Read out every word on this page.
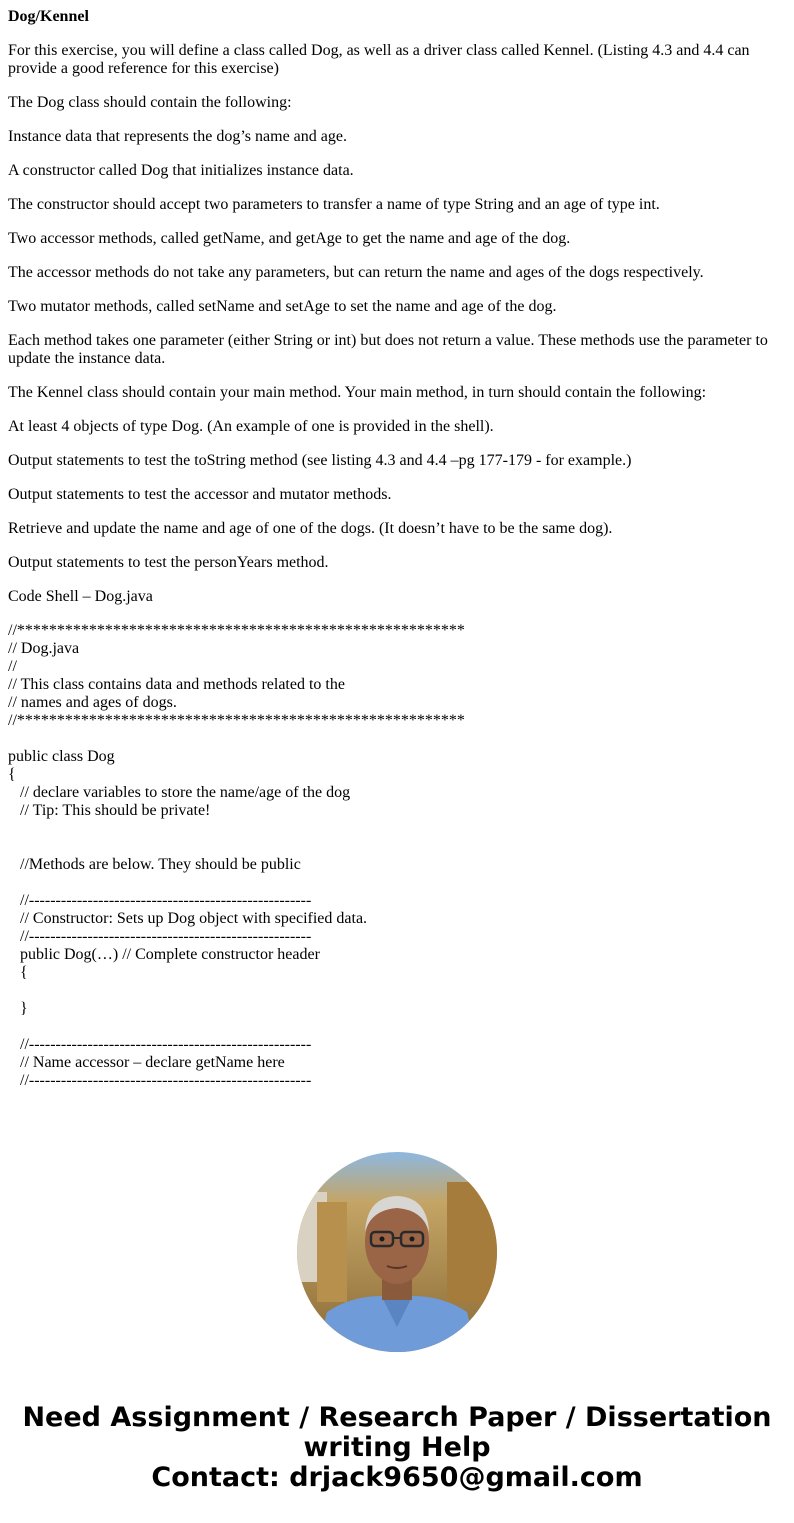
Dog/Kennel
For this exercise, you will define a class called Dog, as well as a driver class called Kennel. (Listing 4.3 and 4.4 can provide a good reference for this exercise)
The Dog class should contain the following:
Instance data that represents the dog’s name and age.
A constructor called Dog that initializes instance data.
The constructor should accept two parameters to transfer a name of type String and an age of type int.
Two accessor methods, called getName, and getAge to get the name and age of the dog.
The accessor methods do not take any parameters, but can return the name and ages of the dogs respectively.
Two mutator methods, called setName and setAge to set the name and age of the dog.
Each method takes one parameter (either String or int) but does not return a value. These methods use the parameter to update the instance data.
The Kennel class should contain your main method. Your main method, in turn should contain the following:
At least 4 objects of type Dog. (An example of one is provided in the shell).
Output statements to test the toString method (see listing 4.3 and 4.4 –pg 177-179 - for example.)
Output statements to test the accessor and mutator methods.
Retrieve and update the name and age of one of the dogs. (It doesn’t have to be the same dog).
Output statements to test the personYears method.
Code Shell – Dog.java
//********************************************************
// Dog.java
//
// This class contains data and methods related to the
// names and ages of dogs.
//********************************************************
public class Dog
{
// declare variables to store the name/age of the dog
// Tip: This should be private!
//Methods are below. They should be public
//-----------------------------------------------------
// Constructor: Sets up Dog object with specified data.
//-----------------------------------------------------
public Dog(…) // Complete constructor header
{
}
//-----------------------------------------------------
// Name accessor – declare getName here
//-----------------------------------------------------
Need Assignment / Research Paper / Dissertation
writing Help
Contact: drjack9650@gmail.com
